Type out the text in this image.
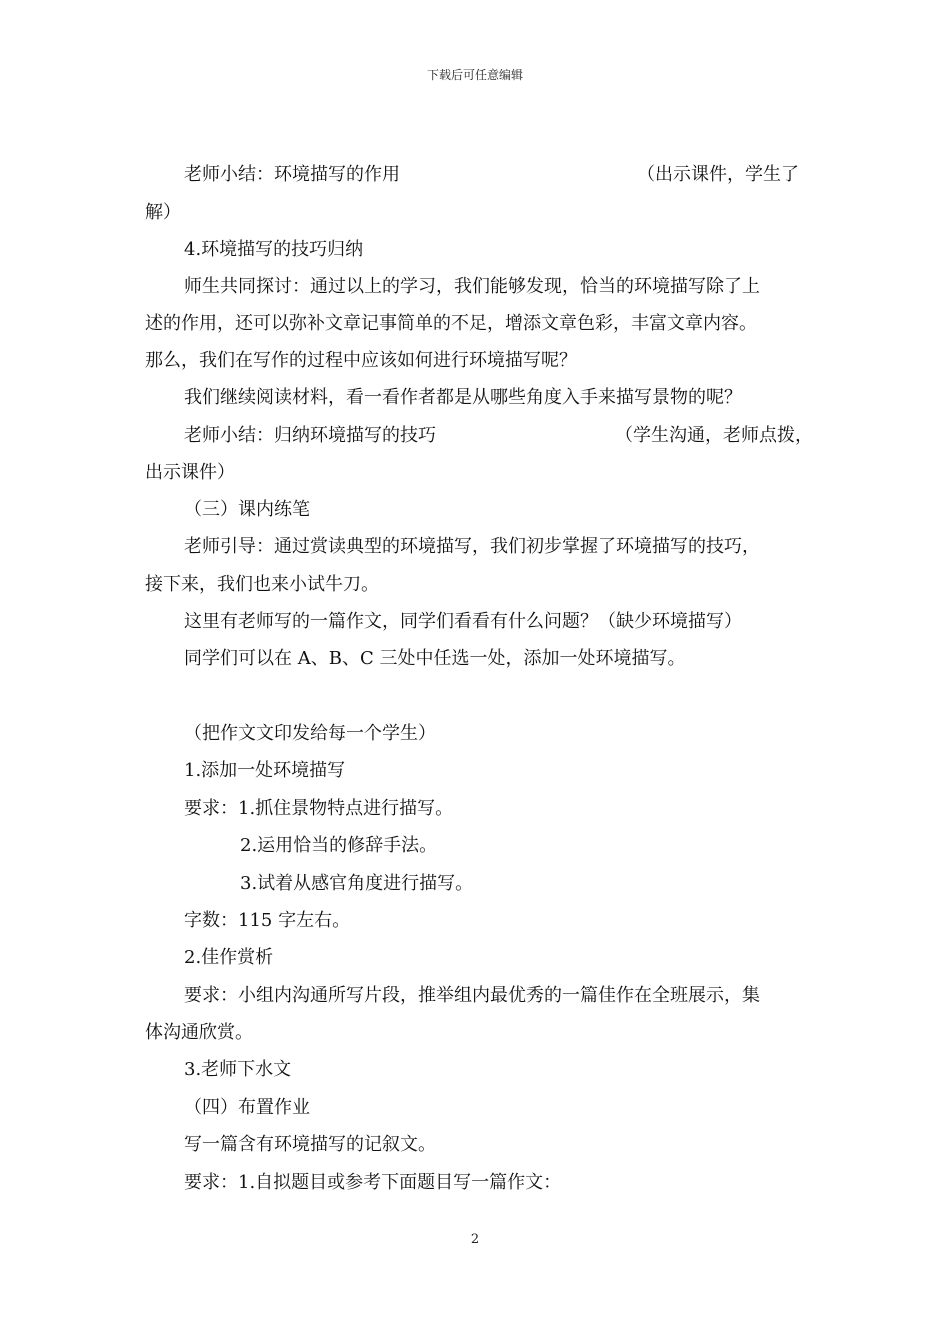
下载后可任意编辑
老师小结：环境描写的作用	（出示课件，学生了
解）
4.环境描写的技巧归纳
师生共同探讨：通过以上的学习，我们能够发现，恰当的环境描写除了上
述的作用，还可以弥补文章记事简单的不足，增添文章色彩，丰富文章内容。
那么，我们在写作的过程中应该如何进行环境描写呢？
我们继续阅读材料，看一看作者都是从哪些角度入手来描写景物的呢？
老师小结：归纳环境描写的技巧	（学生沟通，老师点拨，
出示课件）
（三）课内练笔
老师引导：通过赏读典型的环境描写，我们初步掌握了环境描写的技巧，
接下来，我们也来小试牛刀。
这里有老师写的一篇作文，同学们看看有什么问题？（缺少环境描写）
同学们可以在 A、B、C 三处中任选一处，添加一处环境描写。
（把作文文印发给每一个学生）
1.添加一处环境描写
要求：1.抓住景物特点进行描写。
2.运用恰当的修辞手法。
3.试着从感官角度进行描写。
字数：115 字左右。
2.佳作赏析
要求：小组内沟通所写片段，推举组内最优秀的一篇佳作在全班展示，集
体沟通欣赏。
3.老师下水文
（四）布置作业
写一篇含有环境描写的记叙文。
要求：1.自拟题目或参考下面题目写一篇作文：
2
